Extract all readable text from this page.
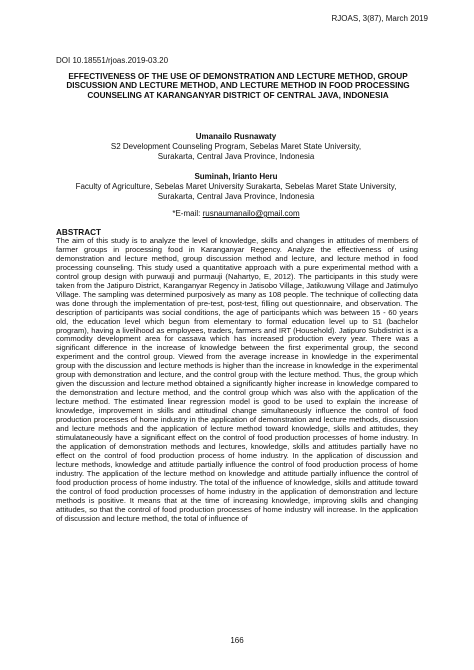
RJOAS, 3(87), March 2019
DOI 10.18551/rjoas.2019-03.20
EFFECTIVENESS OF THE USE OF DEMONSTRATION AND LECTURE METHOD, GROUP DISCUSSION AND LECTURE METHOD, AND LECTURE METHOD IN FOOD PROCESSING COUNSELING AT KARANGANYAR DISTRICT OF CENTRAL JAVA, INDONESIA
Umanailo Rusnawaty
S2 Development Counseling Program, Sebelas Maret State University,
Surakarta, Central Java Province, Indonesia
Suminah, Irianto Heru
Faculty of Agriculture, Sebelas Maret University Surakarta, Sebelas Maret State University,
Surakarta, Central Java Province, Indonesia
*E-mail: rusnaumanailo@gmail.com
ABSTRACT

The aim of this study is to analyze the level of knowledge, skills and changes in attitudes of members of farmer groups in processing food in Karanganyar Regency. Analyze the effectiveness of using demonstration and lecture method, group discussion method and lecture, and lecture method in food processing counseling. This study used a quantitative approach with a pure experimental method with a control group design with purwauji and purmauji (Nahartyo, E, 2012). The participants in this study were taken from the Jatipuro District, Karanganyar Regency in Jatisobo Village, Jatikuwung Village and Jatimulyo Village. The sampling was determined purposively as many as 108 people. The technique of collecting data was done through the implementation of pre-test, post-test, filling out questionnaire, and observation. The description of participants was social conditions, the age of participants which was between 15 - 60 years old, the education level which begun from elementary to formal education level up to S1 (bachelor program), having a livelihood as employees, traders, farmers and IRT (Household). Jatipuro Subdistrict is a commodity development area for cassava which has increased production every year. There was a significant difference in the increase of knowledge between the first experimental group, the second experiment and the control group. Viewed from the average increase in knowledge in the experimental group with the discussion and lecture methods is higher than the increase in knowledge in the experimental group with demonstration and lecture, and the control group with the lecture method. Thus, the group which given the discussion and lecture method obtained a significantly higher increase in knowledge compared to the demonstration and lecture method, and the control group which was also with the application of the lecture method. The estimated linear regression model is good to be used to explain the increase of knowledge, improvement in skills and attitudinal change simultaneously influence the control of food production processes of home industry in the application of demonstration and lecture methods, discussion and lecture methods and the application of lecture method toward knowledge, skills and attitudes, they stimulataneously have a significant effect on the control of food production processes of home industry. In the application of demonstration methods and lectures, knowledge, skills and attitudes partially have no effect on the control of food production process of home industry. In the application of discussion and lecture methods, knowledge and attitude partially influence the control of food production process of home industry. The application of the lecture method on knowledge and attitude partially influence the control of food production process of home industry. The total of the influence of knowledge, skills and attitude toward the control of food production processes of home industry in the application of demonstration and lecture methods is positive. It means that at the time of increasing knowledge, improving skills and changing attitudes, so that the control of food production processes of home industry will increase. In the application of discussion and lecture method, the total of influence of

166
